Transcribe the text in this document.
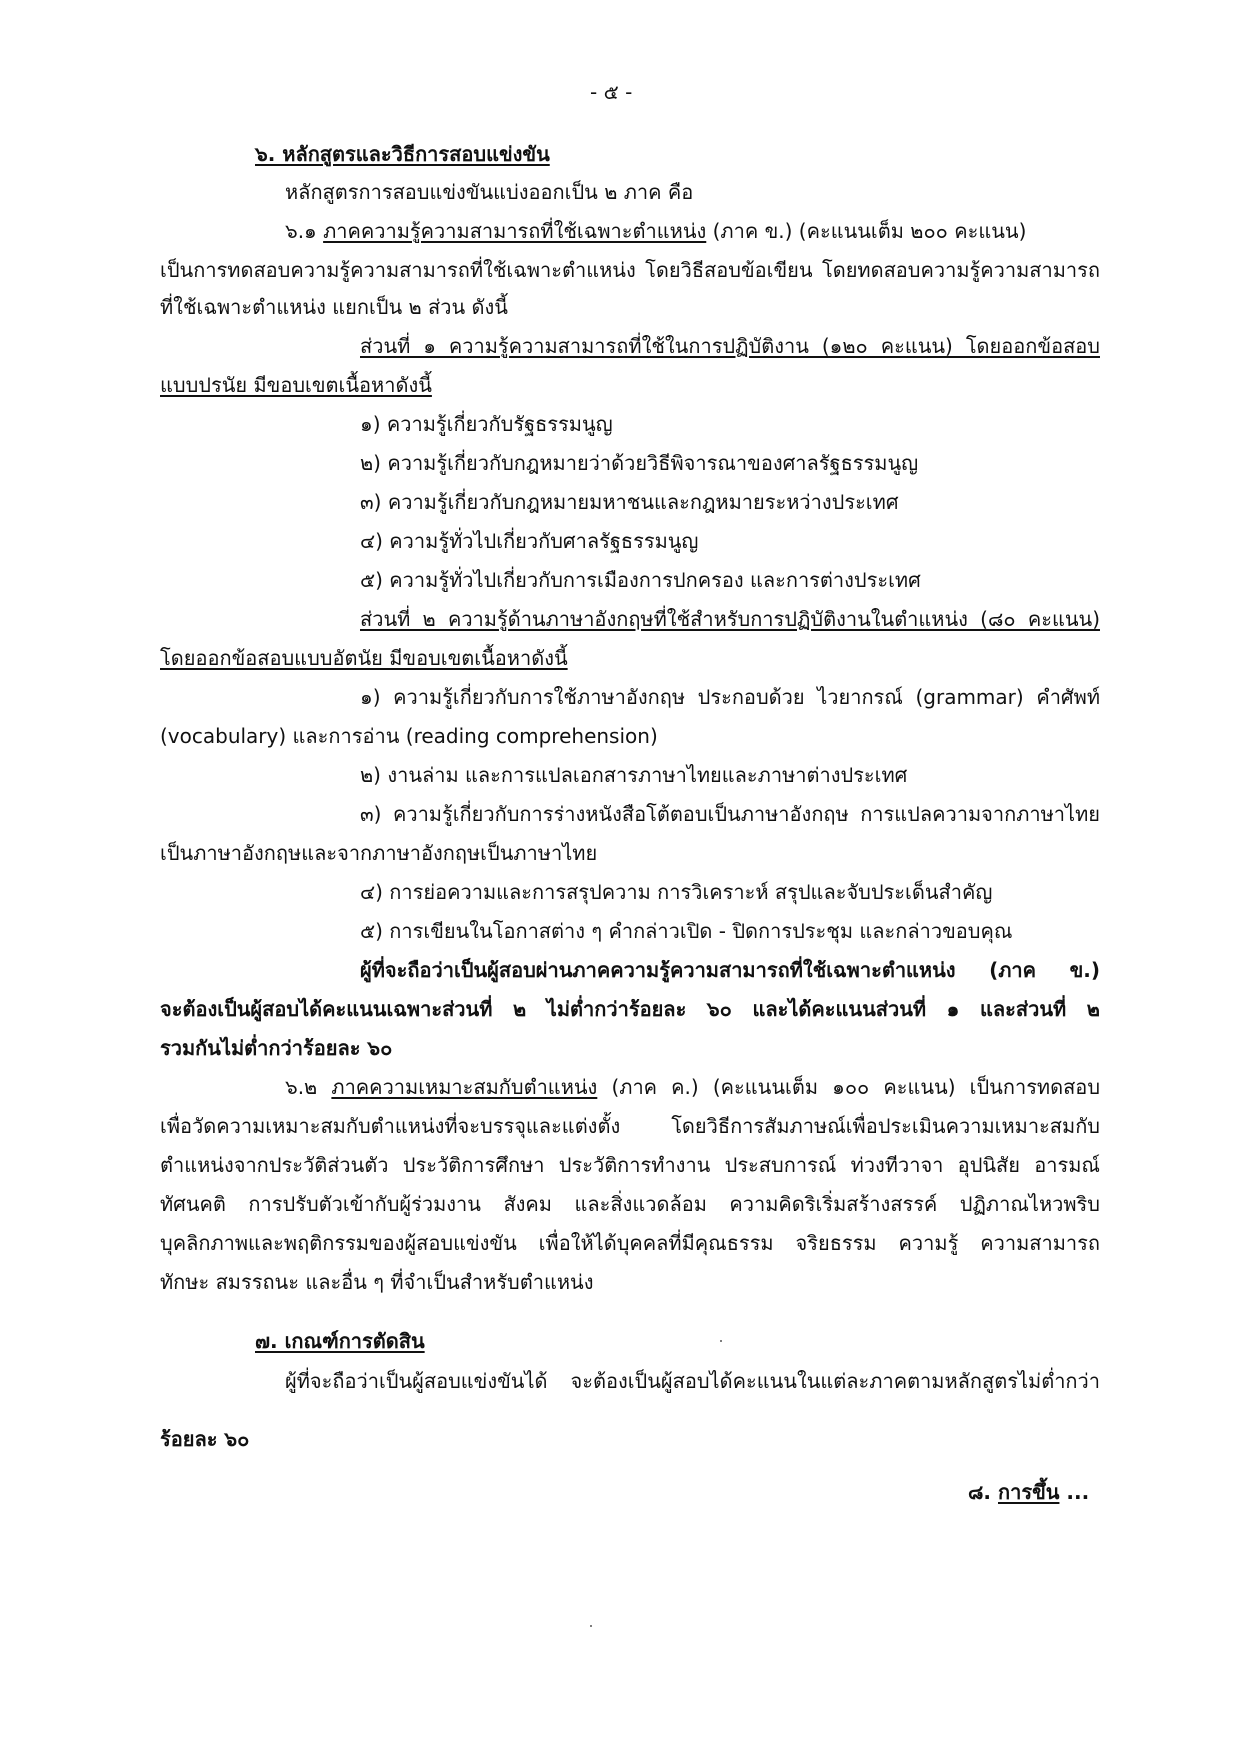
- ๕ -
๖. หลักสูตรและวิธีการสอบแข่งขัน
หลักสูตรการสอบแข่งขันแบ่งออกเป็น ๒ ภาค คือ
๖.๑ ภาคความรู้ความสามารถที่ใช้เฉพาะตำแหน่ง (ภาค ข.) (คะแนนเต็ม ๒๐๐ คะแนน)
เป็นการทดสอบความรู้ความสามารถที่ใช้เฉพาะตำแหน่ง โดยวิธีสอบข้อเขียน โดยทดสอบความรู้ความสามารถ
ที่ใช้เฉพาะตำแหน่ง แยกเป็น ๒ ส่วน ดังนี้
ส่วนที่ ๑ ความรู้ความสามารถที่ใช้ในการปฏิบัติงาน (๑๒๐ คะแนน) โดยออกข้อสอบ
แบบปรนัย มีขอบเขตเนื้อหาดังนี้
๑) ความรู้เกี่ยวกับรัฐธรรมนูญ
๒) ความรู้เกี่ยวกับกฎหมายว่าด้วยวิธีพิจารณาของศาลรัฐธรรมนูญ
๓) ความรู้เกี่ยวกับกฎหมายมหาชนและกฎหมายระหว่างประเทศ
๔) ความรู้ทั่วไปเกี่ยวกับศาลรัฐธรรมนูญ
๕) ความรู้ทั่วไปเกี่ยวกับการเมืองการปกครอง และการต่างประเทศ
ส่วนที่ ๒ ความรู้ด้านภาษาอังกฤษที่ใช้สำหรับการปฏิบัติงานในตำแหน่ง (๘๐ คะแนน)
โดยออกข้อสอบแบบอัตนัย มีขอบเขตเนื้อหาดังนี้
๑) ความรู้เกี่ยวกับการใช้ภาษาอังกฤษ ประกอบด้วย ไวยากรณ์ (grammar) คำศัพท์
(vocabulary) และการอ่าน (reading comprehension)
๒) งานล่าม และการแปลเอกสารภาษาไทยและภาษาต่างประเทศ
๓) ความรู้เกี่ยวกับการร่างหนังสือโต้ตอบเป็นภาษาอังกฤษ การแปลความจากภาษาไทย
เป็นภาษาอังกฤษและจากภาษาอังกฤษเป็นภาษาไทย
๔) การย่อความและการสรุปความ การวิเคราะห์ สรุปและจับประเด็นสำคัญ
๕) การเขียนในโอกาสต่าง ๆ คำกล่าวเปิด - ปิดการประชุม และกล่าวขอบคุณ
ผู้ที่จะถือว่าเป็นผู้สอบผ่านภาคความรู้ความสามารถที่ใช้เฉพาะตำแหน่ง (ภาค ข.)
จะต้องเป็นผู้สอบได้คะแนนเฉพาะส่วนที่ ๒ ไม่ต่ำกว่าร้อยละ ๖๐ และได้คะแนนส่วนที่ ๑ และส่วนที่ ๒
รวมกันไม่ต่ำกว่าร้อยละ ๖๐
๖.๒ ภาคความเหมาะสมกับตำแหน่ง (ภาค ค.) (คะแนนเต็ม ๑๐๐ คะแนน) เป็นการทดสอบ
เพื่อวัดความเหมาะสมกับตำแหน่งที่จะบรรจุและแต่งตั้ง โดยวิธีการสัมภาษณ์เพื่อประเมินความเหมาะสมกับ
ตำแหน่งจากประวัติส่วนตัว ประวัติการศึกษา ประวัติการทำงาน ประสบการณ์ ท่วงทีวาจา อุปนิสัย อารมณ์
ทัศนคติ การปรับตัวเข้ากับผู้ร่วมงาน สังคม และสิ่งแวดล้อม ความคิดริเริ่มสร้างสรรค์ ปฏิภาณไหวพริบ
บุคลิกภาพและพฤติกรรมของผู้สอบแข่งขัน เพื่อให้ได้บุคคลที่มีคุณธรรม จริยธรรม ความรู้ ความสามารถ
ทักษะ สมรรถนะ และอื่น ๆ ที่จำเป็นสำหรับตำแหน่ง
๗. เกณฑ์การตัดสิน
ผู้ที่จะถือว่าเป็นผู้สอบแข่งขันได้ จะต้องเป็นผู้สอบได้คะแนนในแต่ละภาคตามหลักสูตรไม่ต่ำกว่า
ร้อยละ ๖๐
๘. การขึ้น ...
